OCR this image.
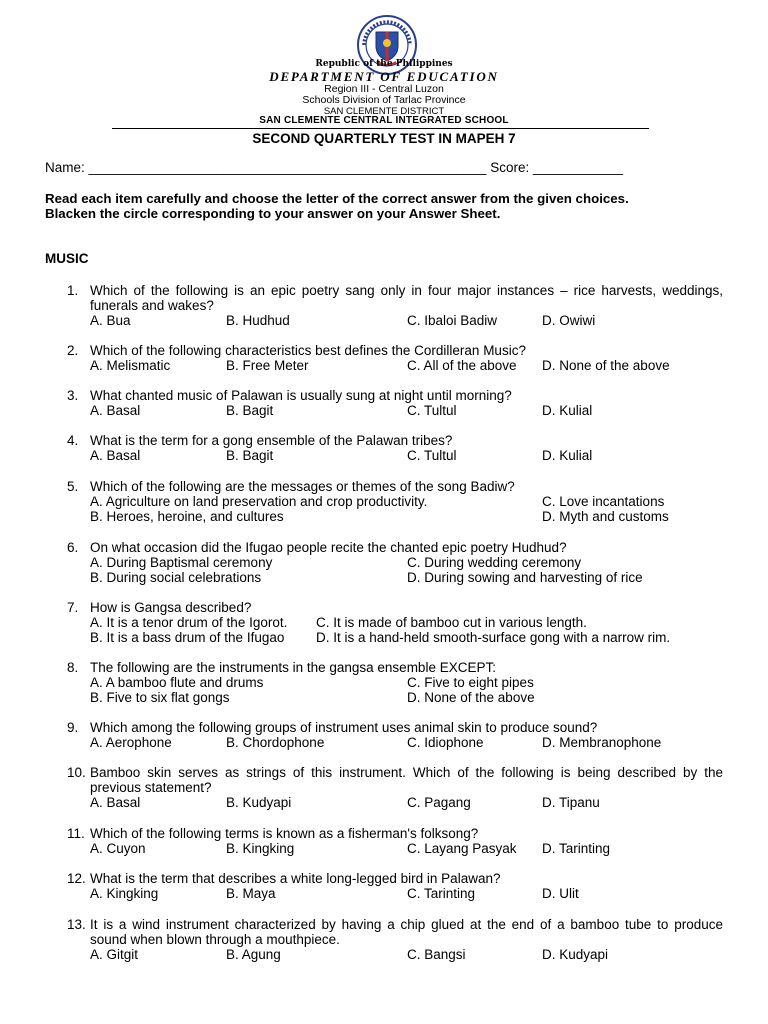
Republic of the Philippines
DEPARTMENT OF EDUCATION
Region III - Central Luzon
Schools Division of Tarlac Province
SAN CLEMENTE DISTRICT
SAN CLEMENTE CENTRAL INTEGRATED SCHOOL
SECOND QUARTERLY TEST IN MAPEH 7
Name: _____________________________________________________ Score: ____________
Read each item carefully and choose the letter of the correct answer from the given choices.
Blacken the circle corresponding to your answer on your Answer Sheet.
MUSIC
1. Which of the following is an epic poetry sang only in four major instances – rice harvests, weddings, funerals and wakes?
A. Bua	B. Hudhud	C. Ibaloi Badiw	D. Owiwi
2. Which of the following characteristics best defines the Cordilleran Music?
A. Melismatic	B. Free Meter	C. All of the above D. None of the above
3. What chanted music of Palawan is usually sung at night until morning?
A. Basal	B. Bagit	C. Tultul	D. Kulial
4. What is the term for a gong ensemble of the Palawan tribes?
A. Basal	B. Bagit	C. Tultul	D. Kulial
5. Which of the following are the messages or themes of the song Badiw?
A. Agriculture on land preservation and crop productivity.	C. Love incantations
B. Heroes, heroine, and cultures	D. Myth and customs
6. On what occasion did the Ifugao people recite the chanted epic poetry Hudhud?
A. During Baptismal ceremony	C. During wedding ceremony
B. During social celebrations	D. During sowing and harvesting of rice
7. How is Gangsa described?
A. It is a tenor drum of the Igorot. C. It is made of bamboo cut in various length.
B. It is a bass drum of the Ifugao D. It is a hand-held smooth-surface gong with a narrow rim.
8. The following are the instruments in the gangsa ensemble EXCEPT:
A. A bamboo flute and drums	C. Five to eight pipes
B. Five to six flat gongs	D. None of the above
9. Which among the following groups of instrument uses animal skin to produce sound?
A. Aerophone	B. Chordophone	C. Idiophone	D. Membranophone
10. Bamboo skin serves as strings of this instrument. Which of the following is being described by the previous statement?
A. Basal	B. Kudyapi	C. Pagang	D. Tipanu
11. Which of the following terms is known as a fisherman's folksong?
A. Cuyon	B. Kingking	C. Layang Pasyak D. Tarinting
12. What is the term that describes a white long-legged bird in Palawan?
A. Kingking	B. Maya	C. Tarinting	D. Ulit
13. It is a wind instrument characterized by having a chip glued at the end of a bamboo tube to produce sound when blown through a mouthpiece.
A. Gitgit	B. Agung	C. Bangsi	D. Kudyapi
